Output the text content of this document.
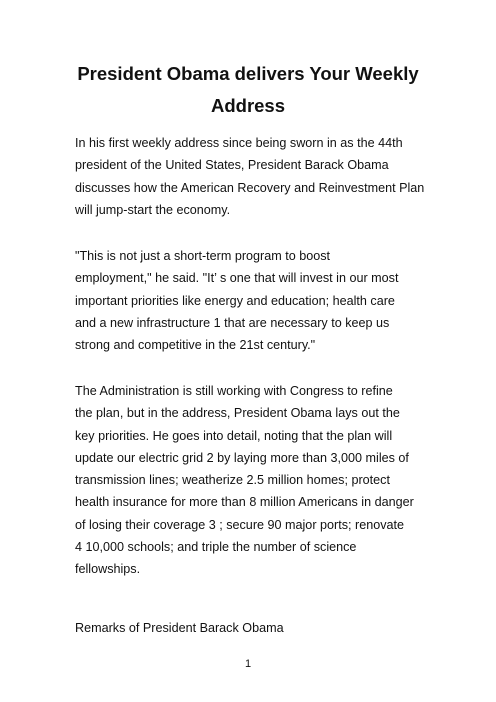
President Obama delivers Your Weekly
Address

In his first weekly address since being sworn in as the 44th
president of the United States, President Barack Obama
discusses how the American Recovery and Reinvestment Plan
will jump-start the economy.

"This is not just a short-term program to boost
employment," he said. "It’ s one that will invest in our most
important priorities like energy and education; health care
and a new infrastructure 1 that are necessary to keep us
strong and competitive in the 21st century."

The Administration is still working with Congress to refine
the plan, but in the address, President Obama lays out the
key priorities. He goes into detail, noting that the plan will
update our electric grid 2 by laying more than 3,000 miles of
transmission lines; weatherize 2.5 million homes; protect
health insurance for more than 8 million Americans in danger
of losing their coverage 3 ; secure 90 major ports; renovate
4 10,000 schools; and triple the number of science
fellowships.

Remarks of President Barack Obama

1
